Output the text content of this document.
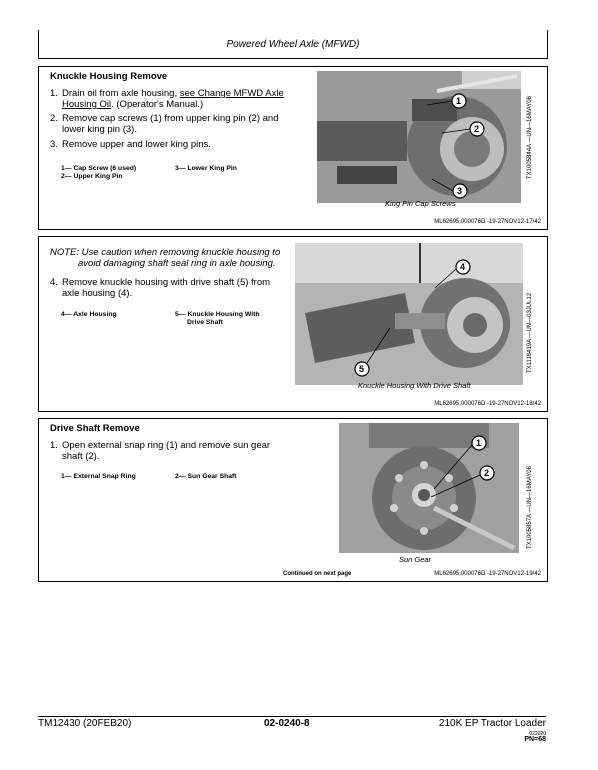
Powered Wheel Axle (MFWD)
Knuckle Housing Remove
1. Drain oil from axle housing, see Change MFWD Axle Housing Oil. (Operator's Manual.)
2. Remove cap screws (1) from upper king pin (2) and lower king pin (3).
3. Remove upper and lower king pins.
1— Cap Screw (6 used)
2— Upper King Pin
3— Lower King Pin
1
2
3
King Pin Cap Screws
TX1005844A —UN—16MAY06
ML62695,000076D -19-27NOV12-17/42
NOTE: Use caution when removing knuckle housing to
avoid damaging shaft seal ring in axle housing.
4. Remove knuckle housing with drive shaft (5) from axle housing (4).
4— Axle Housing	5— Knuckle Housing With
Drive Shaft
4
5
Knuckle Housing With Drive Shaft
TX1118419A —UN—03JUL12
ML62695,000076D -19-27NOV12-18/42
Drive Shaft Remove
1. Open external snap ring (1) and remove sun gear shaft (2).
1— External Snap Ring	2— Sun Gear Shaft
1
2
Sun Gear
TX1005857A —UN—16MAY06
Continued on next page	ML62695,000076D -19-27NOV12-19/42
TM12430 (20FEB20)	02-0240-8	210K EP Tractor Loader
022020
PN=68
